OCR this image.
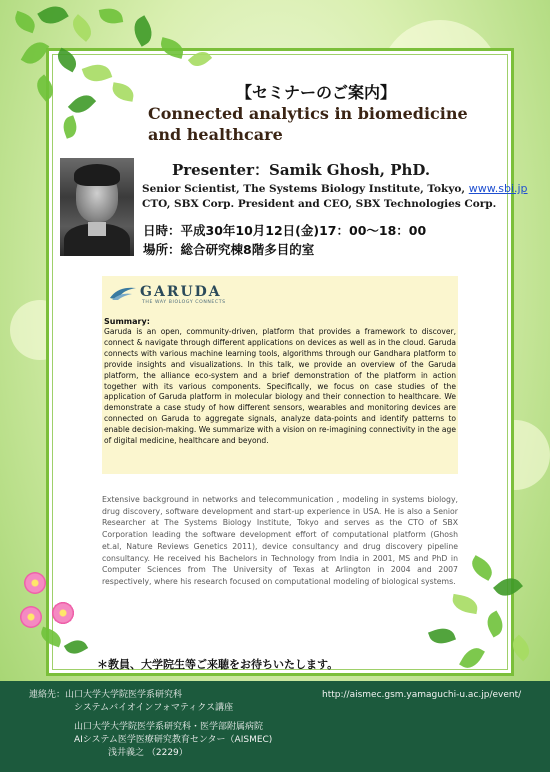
【セミナーのご案内】
Connected analytics in biomedicine and healthcare
Presenter：Samik Ghosh, PhD.
Senior Scientist, The Systems Biology Institute, Tokyo, www.sbi.jp
CTO, SBX Corp. President and CEO, SBX Technologies Corp.
日時：平成30年10月12日(金)17：00〜18：00
場所：総合研究棟8階多目的室
GARUDA
THE WAY BIOLOGY CONNECTS
Summary:
Garuda is an open, community-driven, platform that provides a framework to discover, connect & navigate through different applications on devices as well as in the cloud. Garuda connects with various machine learning tools, algorithms through our Gandhara platform to provide insights and visualizations. In this talk, we provide an overview of the Garuda platform, the alliance eco-system and a brief demonstration of the platform in action together with its various components. Specifically, we focus on case studies of the application of Garuda platform in molecular biology and their connection to healthcare. We demonstrate a case study of how different sensors, wearables and monitoring devices are connected on Garuda to aggregate signals, analyze data-points and identify patterns to enable decision-making. We summarize with a vision on re-imagining connectivity in the age of digital medicine, healthcare and beyond.
Extensive background in networks and telecommunication , modeling in systems biology, drug discovery, software development and start-up experience in USA. He is also a Senior Researcher at The Systems Biology Institute, Tokyo and serves as the CTO of SBX Corporation leading the software development effort of computational platform (Ghosh et.al, Nature Reviews Genetics 2011), device consultancy and drug discovery pipeline consultancy. He received his Bachelors in Technology from India in 2001, MS and PhD in Computer Sciences from The University of Texas at Arlington in 2004 and 2007 respectively, where his research focused on computational modeling of biological systems.
＊教員、大学院生等ご来聴をお待ちいたします。
連絡先：山口大学大学院医学系研究科
システムバイオインフォマティクス講座
山口大学大学院医学系研究科・医学部附属病院
AIシステム医学医療研究教育センター（AISMEC)
浅井義之 （2229）
http://aismec.gsm.yamaguchi-u.ac.jp/event/
